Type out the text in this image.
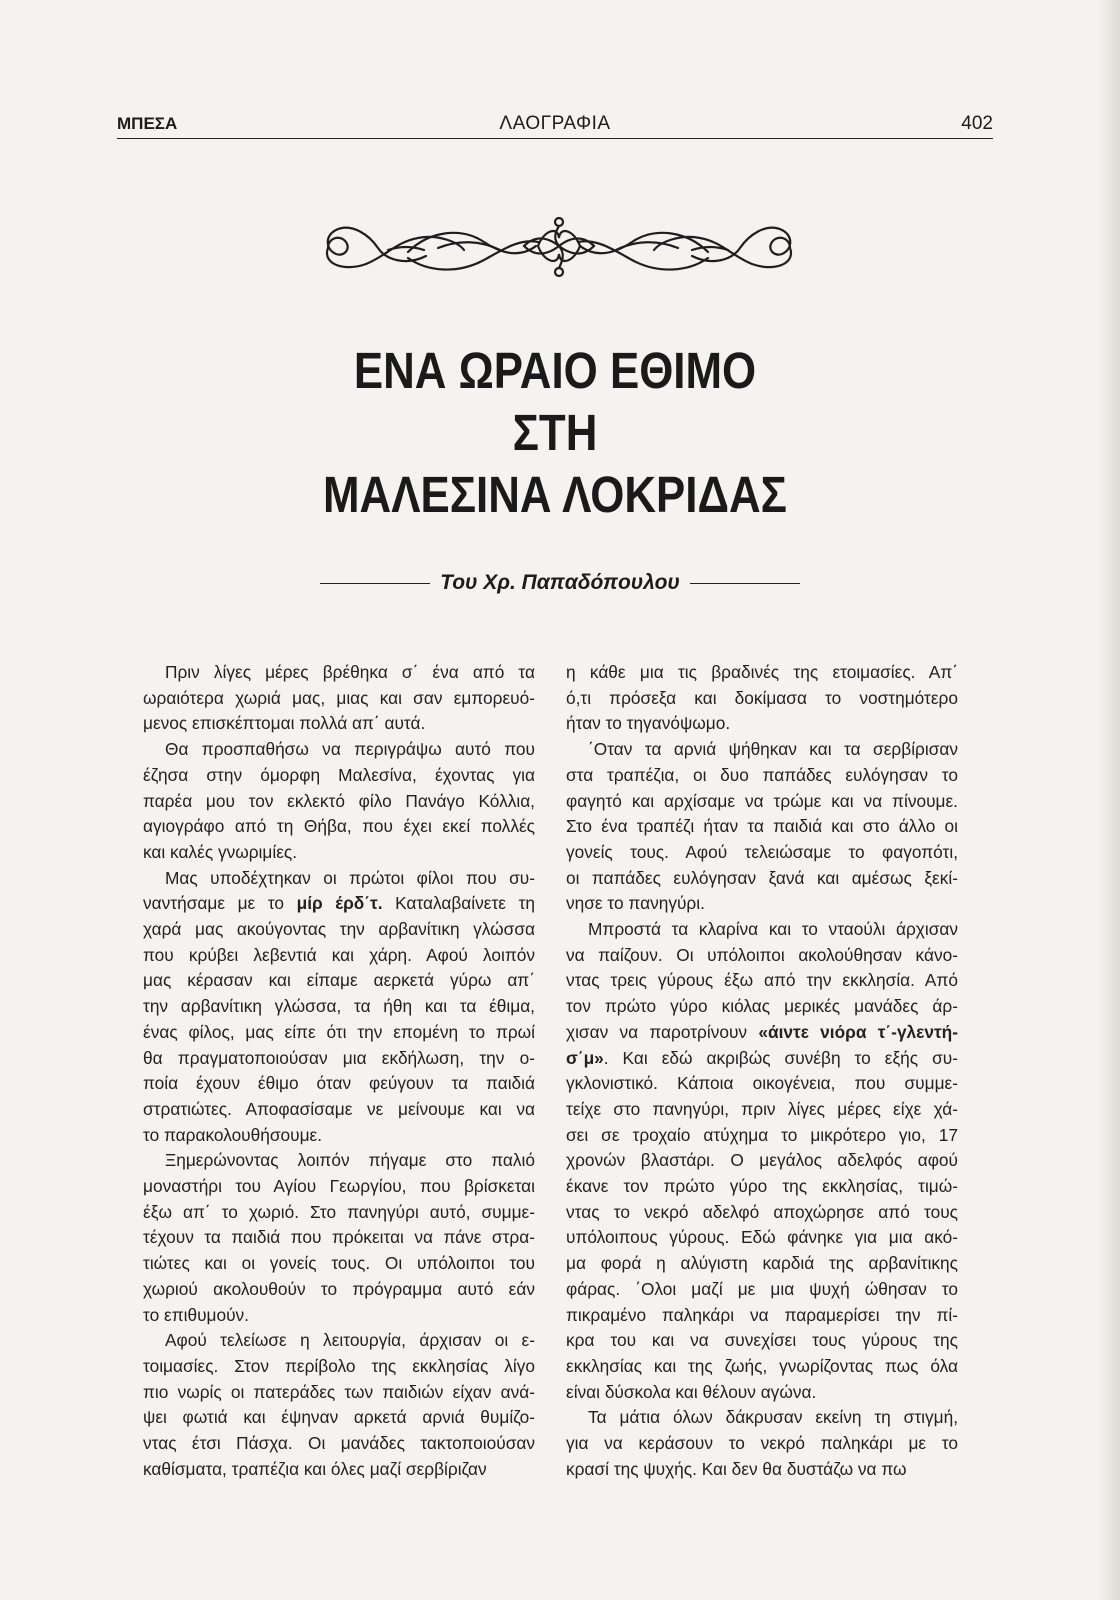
ΜΠΕΣΑ	ΛΑΟΓΡΑΦΙΑ	402
ΕΝΑ ΩΡΑΙΟ ΕΘΙΜΟ
ΣΤΗ
ΜΑΛΕΣΙΝΑ ΛΟΚΡΙΔΑΣ
Του Χρ. Παπαδόπουλου

Πριν λίγες μέρες βρέθηκα σ΄ ένα από τα
ωραιότερα χωριά μας, μιας και σαν εμπορευό-
μενος επισκέπτομαι πολλά απ΄ αυτά.

Θα προσπαθήσω να περιγράψω αυτό που
έζησα στην όμορφη Μαλεσίνα, έχοντας για
παρέα μου τον εκλεκτό φίλο Πανάγο Κόλλια,
αγιογράφο από τη Θήβα, που έχει εκεί πολλές
και καλές γνωριμίες.

Μας υποδέχτηκαν οι πρώτοι φίλοι που συ-
ναντήσαμε με το μίρ έρδ΄τ. Καταλαβαίνετε τη
χαρά μας ακούγοντας την αρβανίτικη γλώσσα
που κρύβει λεβεντιά και χάρη. Αφού λοιπόν
μας κέρασαν και είπαμε αερκετά γύρω απ΄
την αρβανίτικη γλώσσα, τα ήθη και τα έθιμα,
ένας φίλος, μας είπε ότι την επομένη το πρωί
θα πραγματοποιούσαν μια εκδήλωση, την ο-
ποία έχουν έθιμο όταν φεύγουν τα παιδιά
στρατιώτες. Αποφασίσαμε νε μείνουμε και να
το παρακολουθήσουμε.

Ξημερώνοντας λοιπόν πήγαμε στο παλιό
μοναστήρι του Αγίου Γεωργίου, που βρίσκεται
έξω απ΄ το χωριό. Στο πανηγύρι αυτό, συμμε-
τέχουν τα παιδιά που πρόκειται να πάνε στρα-
τιώτες και οι γονείς τους. Οι υπόλοιποι του
χωριού ακολουθούν το πρόγραμμα αυτό εάν
το επιθυμούν.

Αφού τελείωσε η λειτουργία, άρχισαν οι ε-
τοιμασίες. Στον περίβολο της εκκλησίας λίγο
πιο νωρίς οι πατεράδες των παιδιών είχαν ανά-
ψει φωτιά και έψηναν αρκετά αρνιά θυμίζο-
ντας έτσι Πάσχα. Οι μανάδες τακτοποιούσαν
καθίσματα, τραπέζια και όλες μαζί σερβίριζαν

η κάθε μια τις βραδινές της ετοιμασίες. Απ΄
ό,τι πρόσεξα και δοκίμασα το νοστημότερο
ήταν το τηγανόψωμο.

΄Οταν τα αρνιά ψήθηκαν και τα σερβίρισαν
στα τραπέζια, οι δυο παπάδες ευλόγησαν το
φαγητό και αρχίσαμε να τρώμε και να πίνουμε.
Στο ένα τραπέζι ήταν τα παιδιά και στο άλλο οι
γονείς τους. Αφού τελειώσαμε το φαγοπότι,
οι παπάδες ευλόγησαν ξανά και αμέσως ξεκί-
νησε το πανηγύρι.

Μπροστά τα κλαρίνα και το νταούλι άρχισαν
να παίζουν. Οι υπόλοιποι ακολούθησαν κάνο-
ντας τρεις γύρους έξω από την εκκλησία. Από
τον πρώτο γύρο κιόλας μερικές μανάδες άρ-
χισαν να παροτρίνουν «άιντε νιόρα τ΄-γλεντή-
σ΄μ». Και εδώ ακριβώς συνέβη το εξής συ-
γκλονιστικό. Κάποια οικογένεια, που συμμε-
τείχε στο πανηγύρι, πριν λίγες μέρες είχε χά-
σει σε τροχαίο ατύχημα το μικρότερο γιο, 17
χρονών βλαστάρι. Ο μεγάλος αδελφός αφού
έκανε τον πρώτο γύρο της εκκλησίας, τιμώ-
ντας το νεκρό αδελφό αποχώρησε από τους
υπόλοιπους γύρους. Εδώ φάνηκε για μια ακό-
μα φορά η αλύγιστη καρδιά της αρβανίτικης
φάρας. ΄Ολοι μαζί με μια ψυχή ώθησαν το
πικραμένο παληκάρι να παραμερίσει την πί-
κρα του και να συνεχίσει τους γύρους της
εκκλησίας και της ζωής, γνωρίζοντας πως όλα
είναι δύσκολα και θέλουν αγώνα.

Τα μάτια όλων δάκρυσαν εκείνη τη στιγμή,
για να κεράσουν το νεκρό παληκάρι με το
κρασί της ψυχής. Και δεν θα δυστάζω να πω
